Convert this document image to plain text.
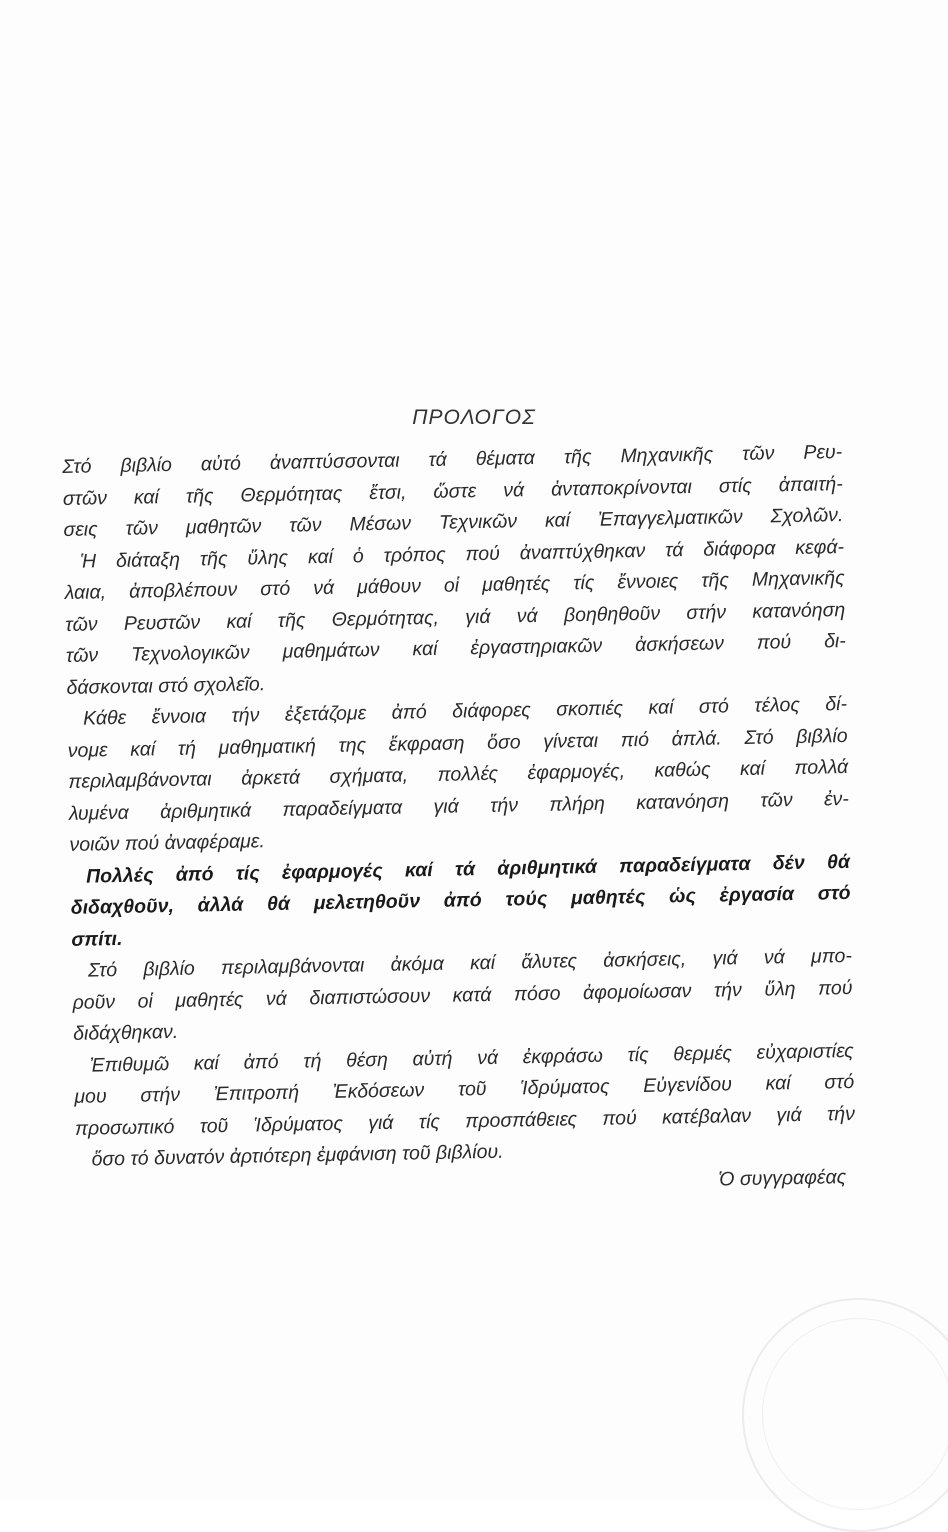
ΠΡΟΛΟΓΟΣ
Στό βιβλίο αὐτό ἀναπτύσσονται τά θέματα τῆς Μηχανικῆς τῶν Ρευ-
στῶν καί τῆς Θερμότητας ἔτσι, ὥστε νά ἀνταποκρίνονται στίς ἀπαιτή-
σεις τῶν μαθητῶν τῶν Μέσων Τεχνικῶν καί Ἐπαγγελματικῶν Σχολῶν.
Ἡ διάταξη τῆς ὕλης καί ὁ τρόπος πού ἀναπτύχθηκαν τά διάφορα κεφά-
λαια, ἀποβλέπουν στό νά μάθουν οἱ μαθητές τίς ἔννοιες τῆς Μηχανικῆς
τῶν Ρευστῶν καί τῆς Θερμότητας, γιά νά βοηθηθοῦν στήν κατανόηση
τῶν Τεχνολογικῶν μαθημάτων καί ἐργαστηριακῶν ἀσκήσεων πού δι-
δάσκονται στό σχολεῖο.
Κάθε ἔννοια τήν ἐξετάζομε ἀπό διάφορες σκοπιές καί στό τέλος δί-
νομε καί τή μαθηματική της ἔκφραση ὅσο γίνεται πιό ἁπλά. Στό βιβλίο
περιλαμβάνονται ἀρκετά σχήματα, πολλές ἐφαρμογές, καθώς καί πολλά
λυμένα ἀριθμητικά παραδείγματα γιά τήν πλήρη κατανόηση τῶν ἐν-
νοιῶν πού ἀναφέραμε.
Πολλές ἀπό τίς ἐφαρμογές καί τά ἀριθμητικά παραδείγματα δέν θά
διδαχθοῦν, ἀλλά θά μελετηθοῦν ἀπό τούς μαθητές ὡς ἐργασία στό
σπίτι.
Στό βιβλίο περιλαμβάνονται ἀκόμα καί ἄλυτες ἀσκήσεις, γιά νά μπο-
ροῦν οἱ μαθητές νά διαπιστώσουν κατά πόσο ἀφομοίωσαν τήν ὕλη πού
διδάχθηκαν.
Ἐπιθυμῶ καί ἀπό τή θέση αὐτή νά ἐκφράσω τίς θερμές εὐχαριστίες
μου στήν Ἐπιτροπή Ἐκδόσεων τοῦ Ἱδρύματος Εὐγενίδου καί στό
προσωπικό τοῦ Ἱδρύματος γιά τίς προσπάθειες πού κατέβαλαν γιά τήν
ὅσο τό δυνατόν ἀρτιότερη ἐμφάνιση τοῦ βιβλίου.
Ὁ συγγραφέας
